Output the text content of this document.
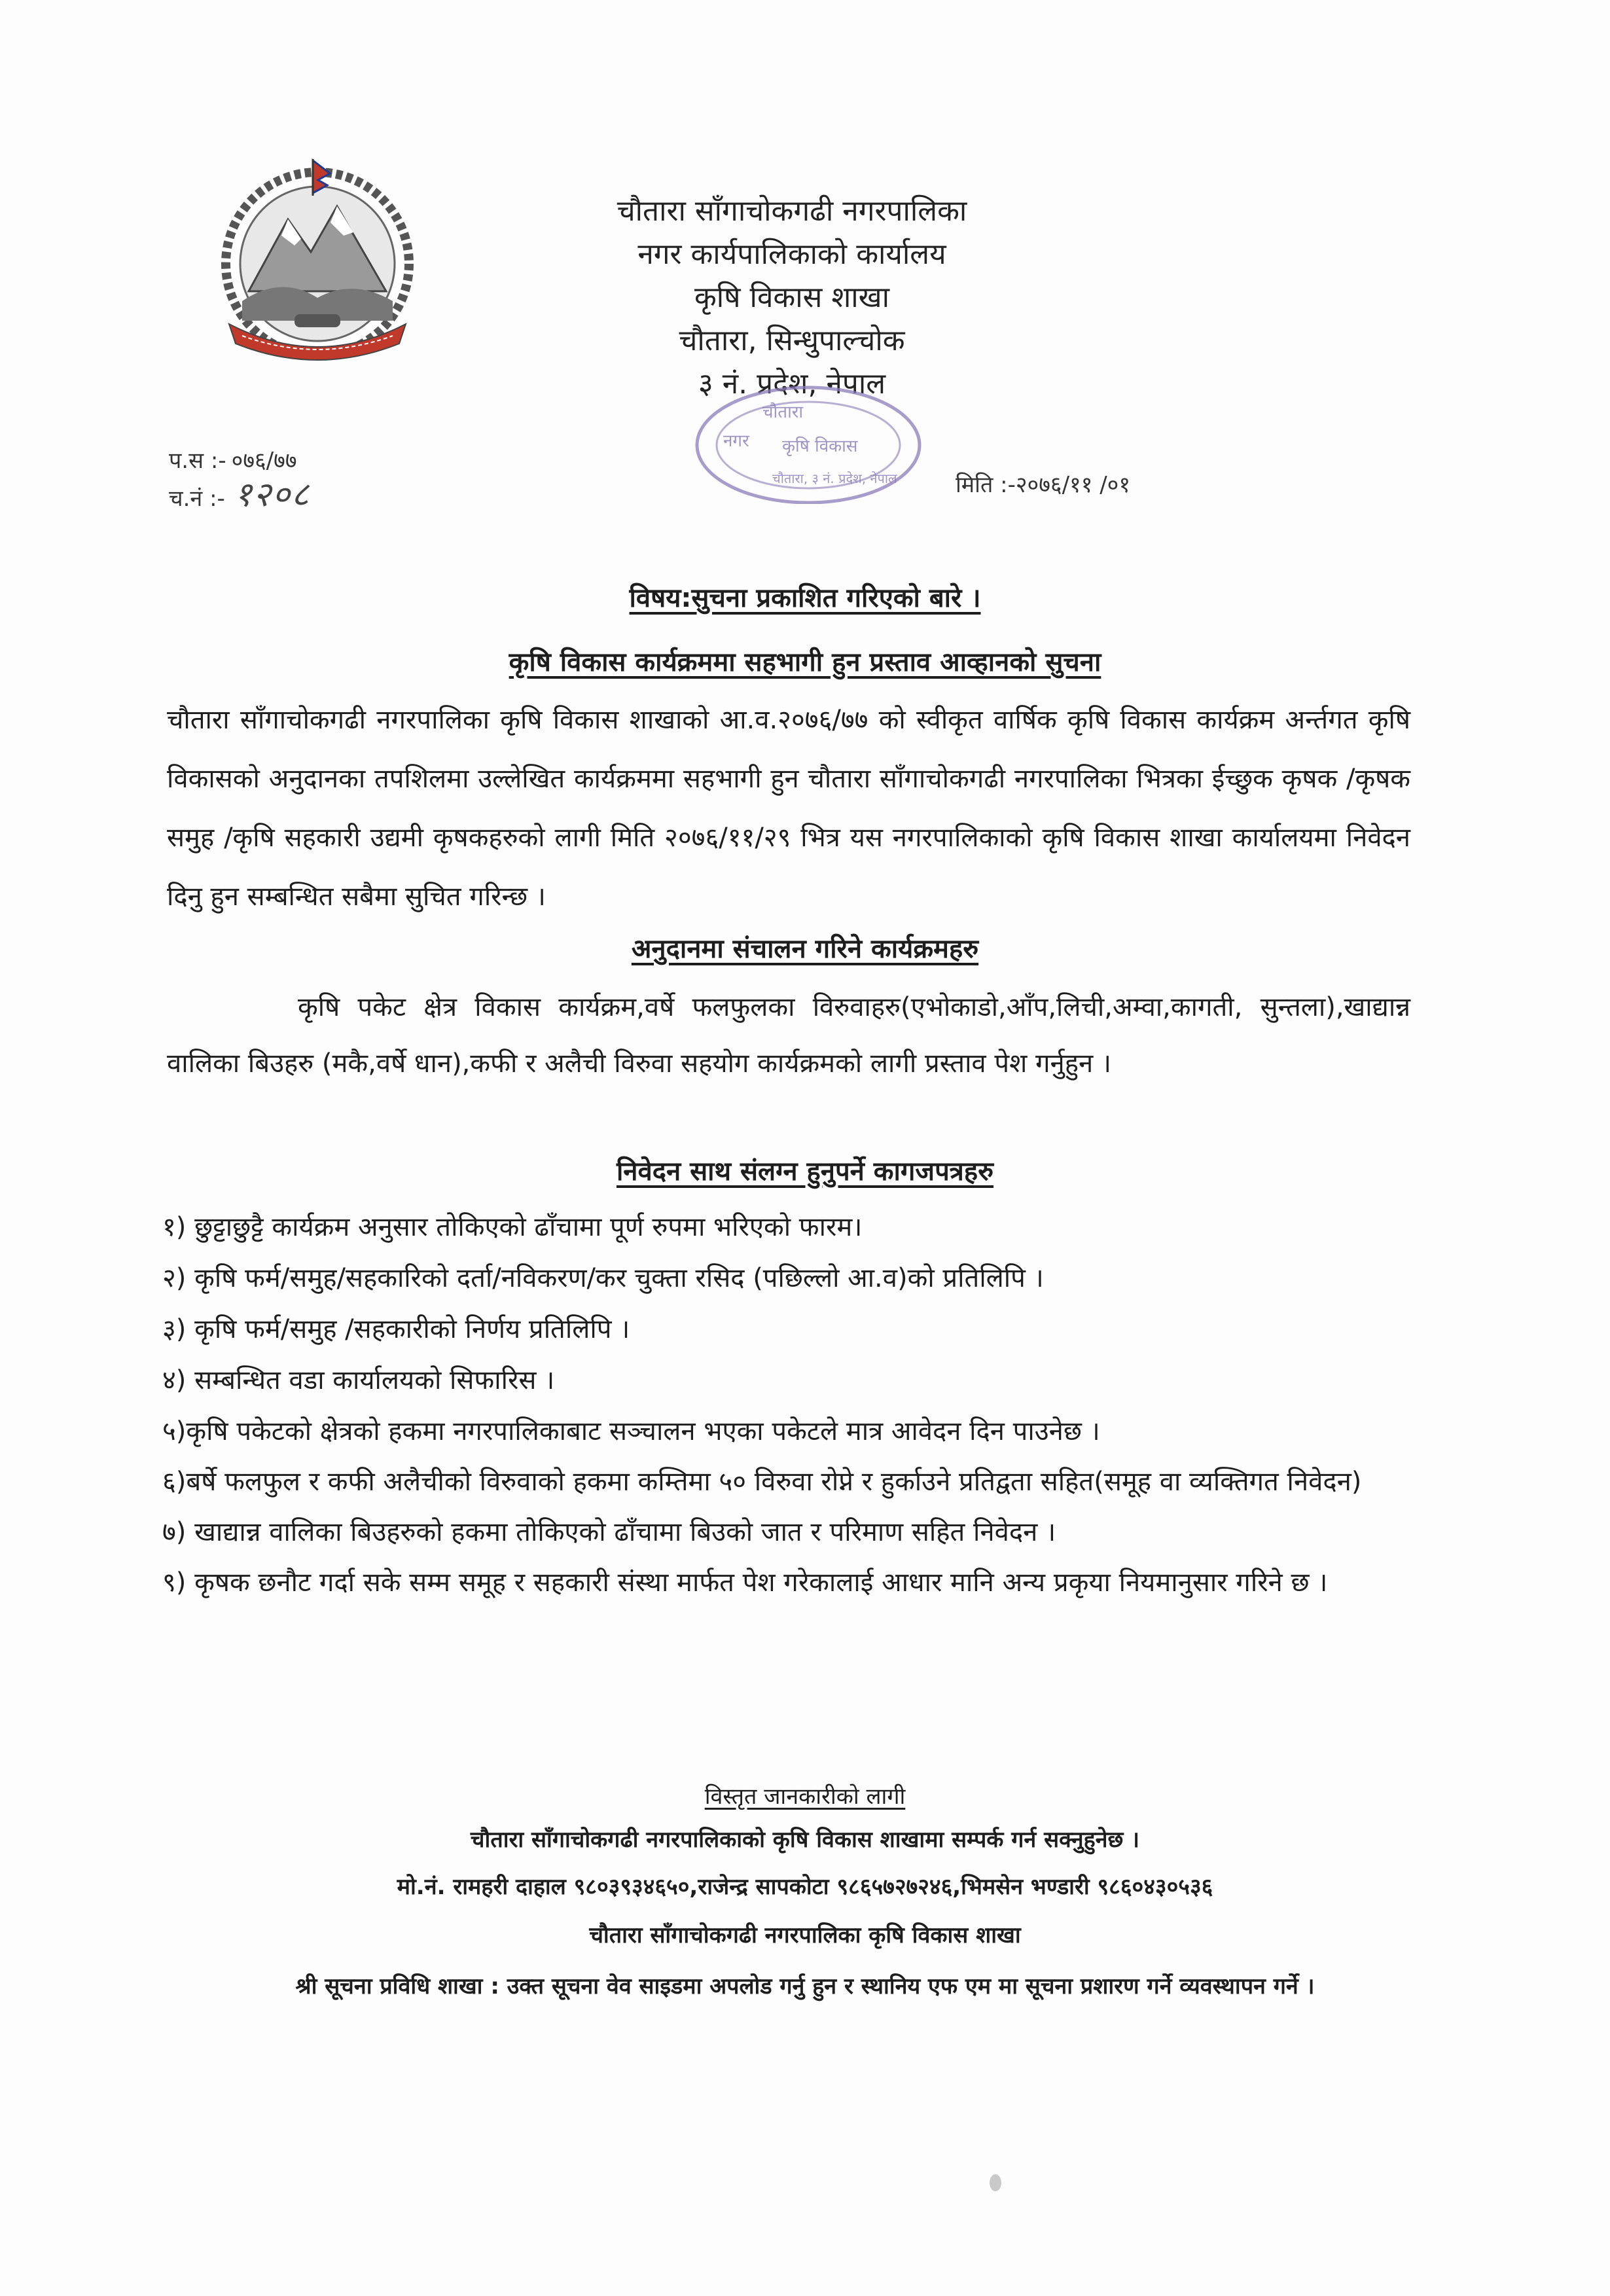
चौतारा साँगाचोकगढी नगरपालिका
नगर कार्यपालिकाको कार्यालय
कृषि विकास शाखा
चौतारा, सिन्धुपाल्चोक
३ नं. प्रदेश, नेपाल
चौतारा
नगर कृषि विकास
चौतारा, ३ नं. प्रदेश, नेपाल
प.स :- ०७६/७७
च.नं :- १२०८	मिति :-२०७६/११ /०१
विषय:सुचना प्रकाशित गरिएको बारे ।
कृषि विकास कार्यक्रममा सहभागी हुन प्रस्ताव आव्हानको सुचना
चौतारा साँगाचोकगढी नगरपालिका कृषि विकास शाखाको आ.व.२०७६/७७ को स्वीकृत वार्षिक कृषि विकास कार्यक्रम अर्न्तगत कृषि विकासको अनुदानका तपशिलमा उल्लेखित कार्यक्रममा सहभागी हुन चौतारा साँगाचोकगढी नगरपालिका भित्रका ईच्छुक कृषक /कृषक समुह /कृषि सहकारी उद्यमी कृषकहरुको लागी मिति २०७६/११/२९ भित्र यस नगरपालिकाको कृषि विकास शाखा कार्यालयमा निवेदन दिनु हुन सम्बन्धित सबैमा सुचित गरिन्छ ।
अनुदानमा संचालन गरिने कार्यक्रमहरु
कृषि पकेट क्षेत्र विकास कार्यक्रम,वर्षे फलफुलका विरुवाहरु(एभोकाडो,आँप,लिची,अम्वा,कागती, सुन्तला),खाद्यान्न वालिका बिउहरु (मकै,वर्षे धान),कफी र अलैची विरुवा सहयोग कार्यक्रमको लागी प्रस्ताव पेश गर्नुहुन ।
निवेदन साथ संलग्न हुनुपर्ने कागजपत्रहरु
१) छुट्टाछुट्टै कार्यक्रम अनुसार तोकिएको ढाँचामा पूर्ण रुपमा भरिएको फारम।
२) कृषि फर्म/समुह/सहकारिको दर्ता/नविकरण/कर चुक्ता रसिद (पछिल्लो आ.व)को प्रतिलिपि ।
३) कृषि फर्म/समुह /सहकारीको निर्णय प्रतिलिपि ।
४) सम्बन्धित वडा कार्यालयको सिफारिस ।
५)कृषि पकेटको क्षेत्रको हकमा नगरपालिकाबाट सञ्चालन भएका पकेटले मात्र आवेदन दिन पाउनेछ ।
६)बर्षे फलफुल र कफी अलैचीको विरुवाको हकमा कम्तिमा ५० विरुवा रोप्ने र हुर्काउने प्रतिद्वता सहित(समूह वा व्यक्तिगत निवेदन)
७) खाद्यान्न वालिका बिउहरुको हकमा तोकिएको ढाँचामा बिउको जात र परिमाण सहित निवेदन ।
९) कृषक छनौट गर्दा सके सम्म समूह र सहकारी संस्था मार्फत पेश गरेकालाई आधार मानि अन्य प्रकृया नियमानुसार गरिने छ ।
विस्तृत जानकारीको लागी
चौतारा साँगाचोकगढी नगरपालिकाको कृषि विकास शाखामा सम्पर्क गर्न सक्नुहुनेछ ।
मो.नं. रामहरी दाहाल ९८०३९३४६५०,राजेन्द्र सापकोटा ९८६५७२७२४६,भिमसेन भण्डारी ९८६०४३०५३६
चौतारा साँगाचोकगढी नगरपालिका कृषि विकास शाखा
श्री सूचना प्रविधि शाखा : उक्त सूचना वेव साइडमा अपलोड गर्नु हुन र स्थानिय एफ एम मा सूचना प्रशारण गर्ने व्यवस्थापन गर्ने ।
